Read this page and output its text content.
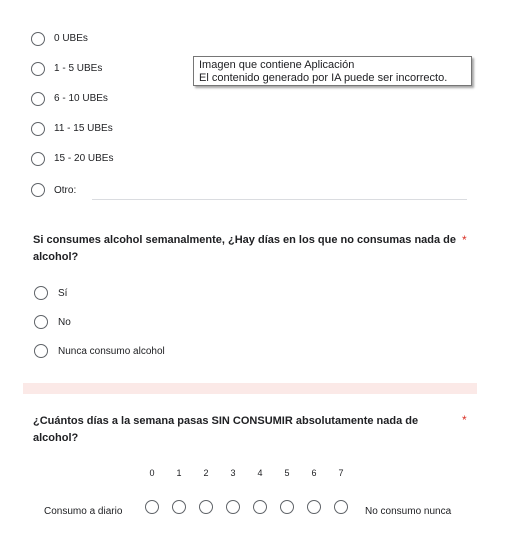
0 UBEs
1 - 5 UBEs
6 - 10 UBEs
11 - 15 UBEs
15 - 20 UBEs
Otro:
Imagen que contiene Aplicación
El contenido generado por IA puede ser incorrecto.
Si consumes alcohol semanalmente, ¿Hay días en los que no consumas nada de
alcohol?
*
Sí
No
Nunca consumo alcohol
¿Cuántos días a la semana pasas SIN CONSUMIR absolutamente nada de
alcohol?
*
0	1	2	3	4	5	6	7
Consumo a diario	No consumo nunca
